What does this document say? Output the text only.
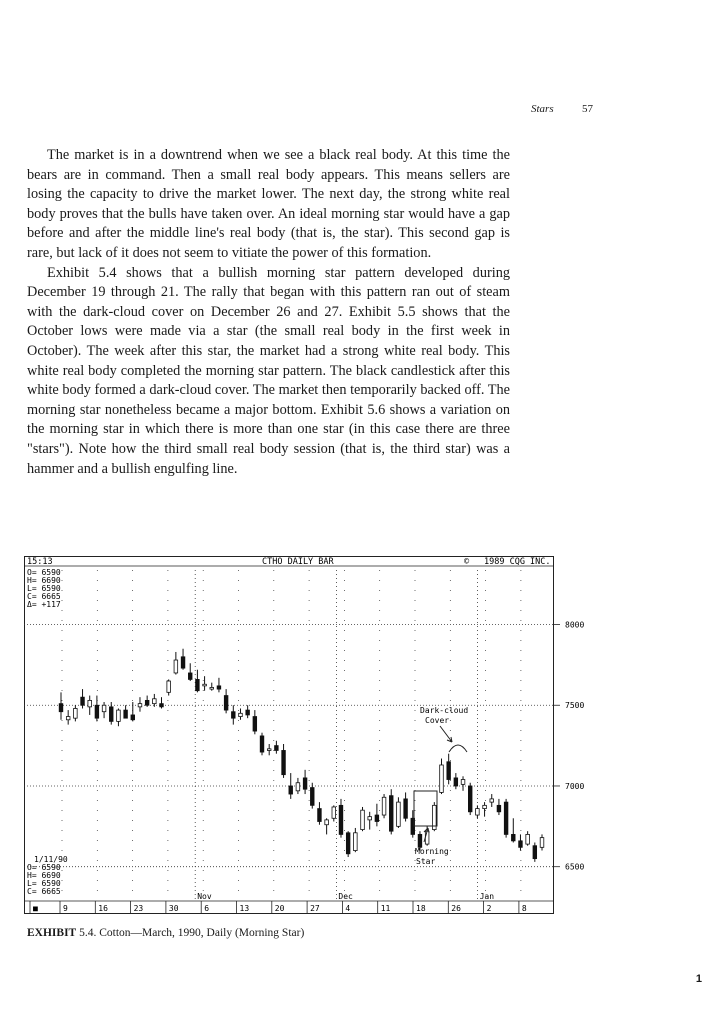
Stars	57

The market is in a downtrend when we see a black real body. At this time the bears are in command. Then a small real body appears. This means sellers are losing the capacity to drive the market lower. The next day, the strong white real body proves that the bulls have taken over. An ideal morning star would have a gap before and after the middle line's real body (that is, the star). This second gap is rare, but lack of it does not seem to vitiate the power of this formation.

Exhibit 5.4 shows that a bullish morning star pattern developed during December 19 through 21. The rally that began with this pattern ran out of steam with the dark-cloud cover on December 26 and 27. Exhibit 5.5 shows that the October lows were made via a star (the small real body in the first week in October). The week after this star, the market had a strong white real body. This white real body completed the morning star pattern. The black candlestick after this white body formed a dark-cloud cover. The market then temporarily backed off. The morning star nonetheless became a major bottom. Exhibit 5.6 shows a variation on the morning star in which there is more than one star (in this case there are three "stars"). Note how the third small real body session (that is, the third star) was a hammer and a bullish engulfing line.

15:13	CTHO DAILY BAR	© 1989 CQG INC.
O= 6590
H= 6690
L= 6590
C= 6665
Δ= +117
1/11/90
O= 6590
H= 6690
L= 6590
C= 6665
8000
7500
7000
6500
■	9	16	23	30	6	13	20	27	4	11	18	26	2	8
Nov	Dec	Jan
Dark-cloud
Cover
Morning
Star
EXHIBIT 5.4. Cotton—March, 1990, Daily (Morning Star)
1
